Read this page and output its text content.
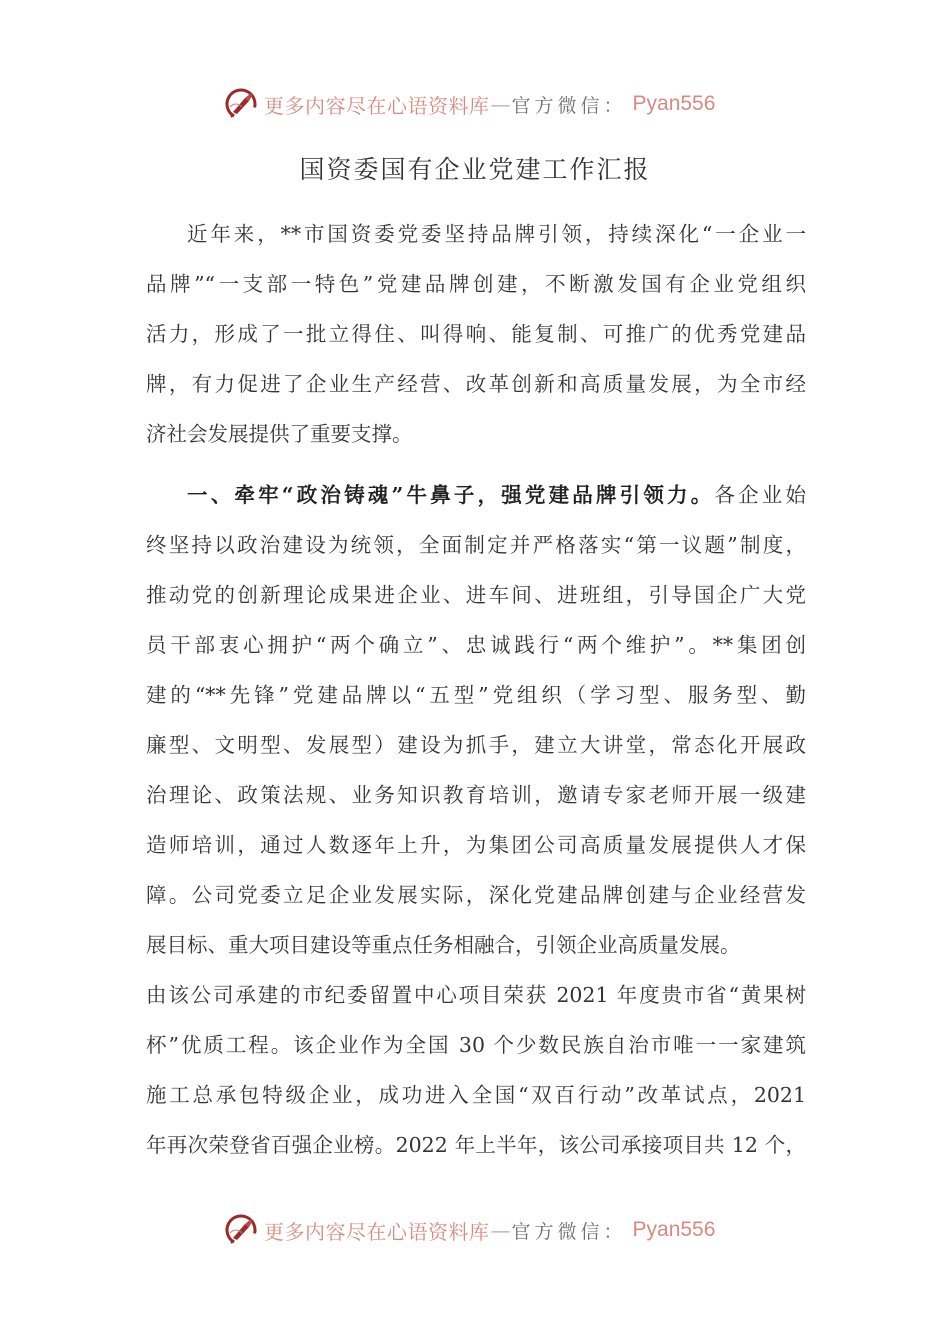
更多内容尽在心语资料库 — 官方微信： Pyan556
国资委国有企业党建工作汇报
近年来，**市国资委党委坚持品牌引领，持续深化“一企业一
品牌”“一支部一特色”党建品牌创建，不断激发国有企业党组织
活力，形成了一批立得住、叫得响、能复制、可推广的优秀党建品
牌，有力促进了企业生产经营、改革创新和高质量发展，为全市经
济社会发展提供了重要支撑。
一、牵牢“政治铸魂”牛鼻子，强党建品牌引领力。各企业始
终坚持以政治建设为统领，全面制定并严格落实“第一议题”制度，
推动党的创新理论成果进企业、进车间、进班组，引导国企广大党
员干部衷心拥护“两个确立”、忠诚践行“两个维护”。**集团创
建的“**先锋”党建品牌以“五型”党组织（学习型、服务型、勤
廉型、文明型、发展型）建设为抓手，建立大讲堂，常态化开展政
治理论、政策法规、业务知识教育培训，邀请专家老师开展一级建
造师培训，通过人数逐年上升，为集团公司高质量发展提供人才保
障。公司党委立足企业发展实际，深化党建品牌创建与企业经营发
展目标、重大项目建设等重点任务相融合，引领企业高质量发展。
由该公司承建的市纪委留置中心项目荣获 2021 年度贵市省“黄果树
杯”优质工程。该企业作为全国 30 个少数民族自治市唯一一家建筑
施工总承包特级企业，成功进入全国“双百行动”改革试点，2021
年再次荣登省百强企业榜。2022 年上半年，该公司承接项目共 12 个，
更多内容尽在心语资料库 — 官方微信： Pyan556
